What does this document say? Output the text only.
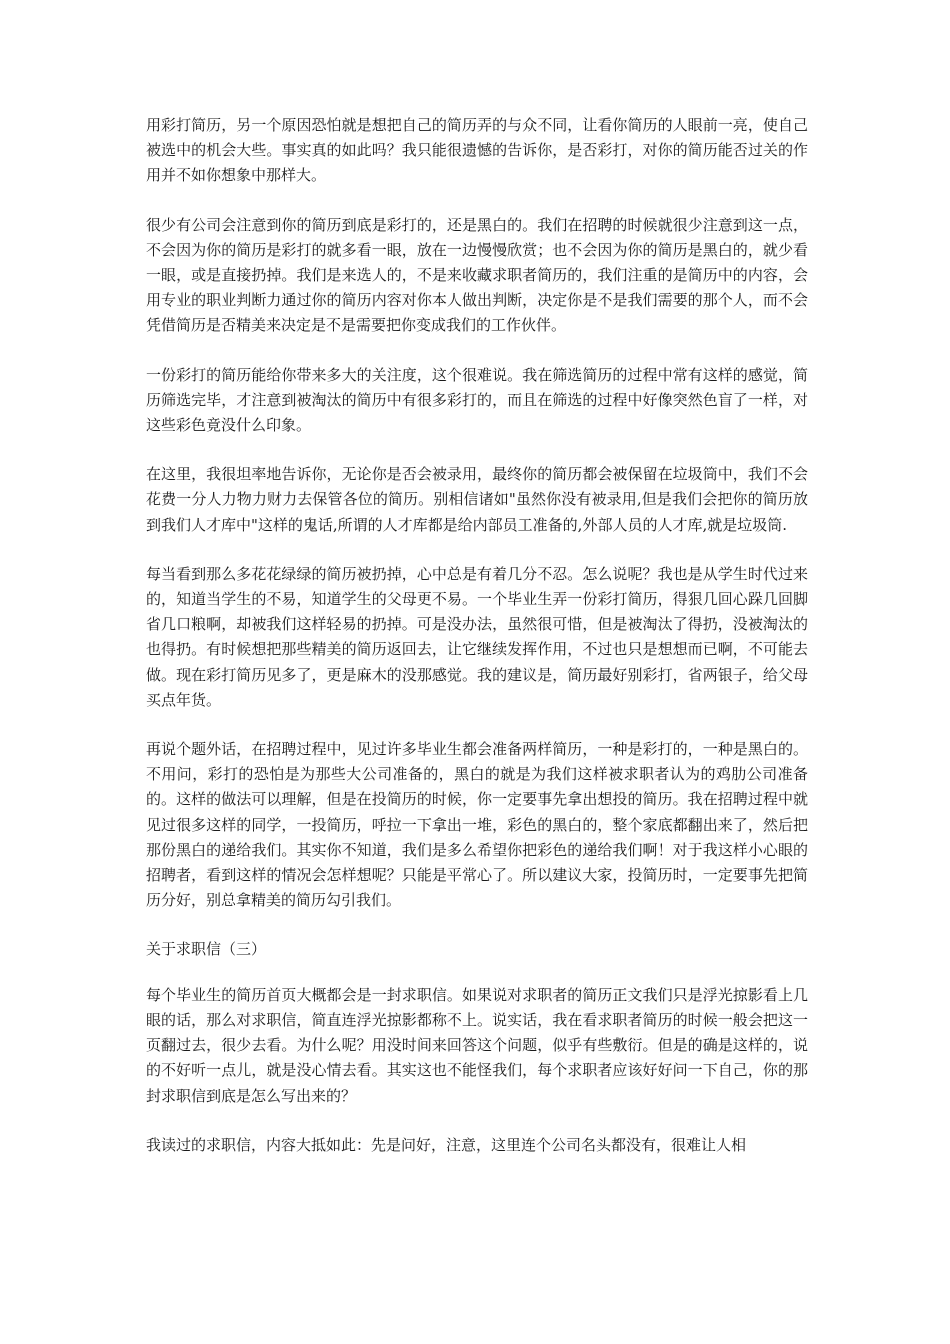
用彩打简历，另一个原因恐怕就是想把自己的简历弄的与众不同，让看你简历的人眼前一亮，使自己被选中的机会大些。事实真的如此吗？我只能很遗憾的告诉你，是否彩打，对你的简历能否过关的作用并不如你想象中那样大。

很少有公司会注意到你的简历到底是彩打的，还是黑白的。我们在招聘的时候就很少注意到这一点，不会因为你的简历是彩打的就多看一眼，放在一边慢慢欣赏；也不会因为你的简历是黑白的，就少看一眼，或是直接扔掉。我们是来选人的，不是来收藏求职者简历的，我们注重的是简历中的内容，会用专业的职业判断力通过你的简历内容对你本人做出判断，决定你是不是我们需要的那个人，而不会凭借简历是否精美来决定是不是需要把你变成我们的工作伙伴。

一份彩打的简历能给你带来多大的关注度，这个很难说。我在筛选简历的过程中常有这样的感觉，简历筛选完毕，才注意到被淘汰的简历中有很多彩打的，而且在筛选的过程中好像突然色盲了一样，对这些彩色竟没什么印象。

在这里，我很坦率地告诉你，无论你是否会被录用，最终你的简历都会被保留在垃圾筒中，我们不会花费一分人力物力财力去保管各位的简历。别相信诸如"虽然你没有被录用,但是我们会把你的简历放到我们人才库中"这样的鬼话,所谓的人才库都是给内部员工准备的,外部人员的人才库,就是垃圾筒.

每当看到那么多花花绿绿的简历被扔掉，心中总是有着几分不忍。怎么说呢？我也是从学生时代过来的，知道当学生的不易，知道学生的父母更不易。一个毕业生弄一份彩打简历，得狠几回心跺几回脚省几口粮啊，却被我们这样轻易的扔掉。可是没办法，虽然很可惜，但是被淘汰了得扔，没被淘汰的也得扔。有时候想把那些精美的简历返回去，让它继续发挥作用，不过也只是想想而已啊，不可能去做。现在彩打简历见多了，更是麻木的没那感觉。我的建议是，简历最好别彩打，省两银子，给父母买点年货。

再说个题外话，在招聘过程中，见过许多毕业生都会准备两样简历，一种是彩打的，一种是黑白的。不用问，彩打的恐怕是为那些大公司准备的，黑白的就是为我们这样被求职者认为的鸡肋公司准备的。这样的做法可以理解，但是在投简历的时候，你一定要事先拿出想投的简历。我在招聘过程中就见过很多这样的同学，一投简历，呼拉一下拿出一堆，彩色的黑白的，整个家底都翻出来了，然后把那份黑白的递给我们。其实你不知道，我们是多么希望你把彩色的递给我们啊！对于我这样小心眼的招聘者，看到这样的情况会怎样想呢？只能是平常心了。所以建议大家，投简历时，一定要事先把简历分好，别总拿精美的简历勾引我们。

关于求职信（三）

每个毕业生的简历首页大概都会是一封求职信。如果说对求职者的简历正文我们只是浮光掠影看上几眼的话，那么对求职信，简直连浮光掠影都称不上。说实话，我在看求职者简历的时候一般会把这一页翻过去，很少去看。为什么呢？用没时间来回答这个问题，似乎有些敷衍。但是的确是这样的，说的不好听一点儿，就是没心情去看。其实这也不能怪我们，每个求职者应该好好问一下自己，你的那封求职信到底是怎么写出来的？

我读过的求职信，内容大抵如此：先是问好，注意，这里连个公司名头都没有，很难让人相
